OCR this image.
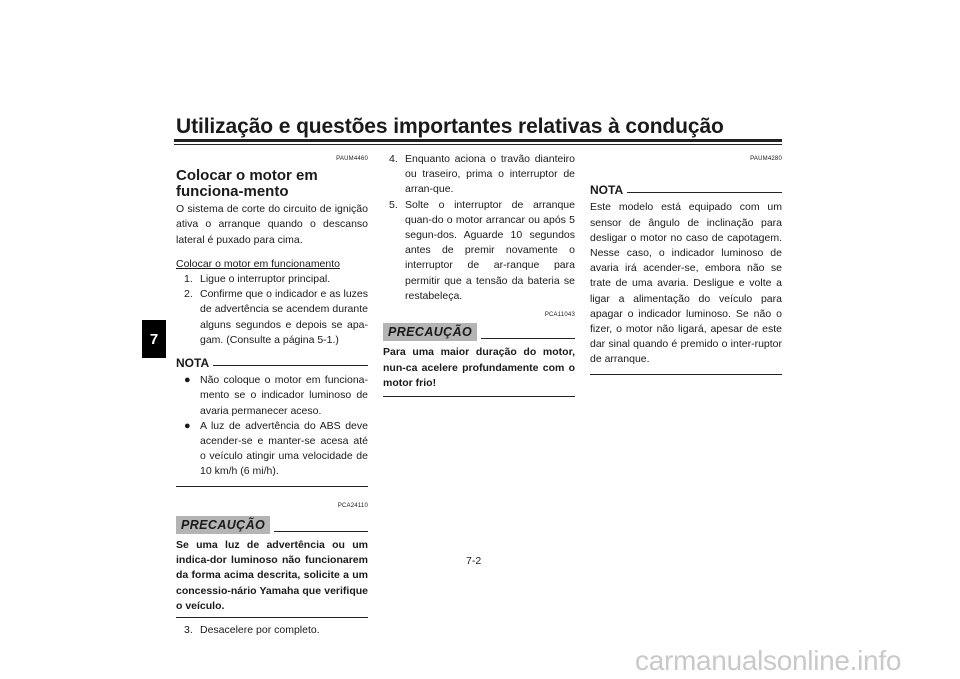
Utilização e questões importantes relativas à condução
7
PAUM4460
Colocar o motor em funciona-mento
O sistema de corte do circuito de ignição ativa o arranque quando o descanso lateral é puxado para cima.
Colocar o motor em funcionamento
1. Ligue o interruptor principal.
2. Confirme que o indicador e as luzes de advertência se acendem durante alguns segundos e depois se apa-gam. (Consulte a página 5-1.)
NOTA
● Não coloque o motor em funciona-mento se o indicador luminoso de avaria permanecer aceso.
● A luz de advertência do ABS deve acender-se e manter-se acesa até o veículo atingir uma velocidade de 10 km/h (6 mi/h).
PCA24110
PRECAUÇÃO
Se uma luz de advertência ou um indica-dor luminoso não funcionarem da forma acima descrita, solicite a um concessio-nário Yamaha que verifique o veículo.
3. Desacelere por completo.
4. Enquanto aciona o travão dianteiro ou traseiro, prima o interruptor de arran-que.
5. Solte o interruptor de arranque quan-do o motor arrancar ou após 5 segun-dos. Aguarde 10 segundos antes de premir novamente o interruptor de ar-ranque para permitir que a tensão da bateria se restabeleça.
PCA11043
PRECAUÇÃO
Para uma maior duração do motor, nun-ca acelere profundamente com o motor frio!
PAUM4280
NOTA
Este modelo está equipado com um sensor de ângulo de inclinação para desligar o motor no caso de capotagem. Nesse caso, o indicador luminoso de avaria irá acender-se, embora não se trate de uma avaria. Desligue e volte a ligar a alimentação do veículo para apagar o indicador luminoso. Se não o fizer, o motor não ligará, apesar de este dar sinal quando é premido o inter-ruptor de arranque.
7-2
carmanualsonline.info
